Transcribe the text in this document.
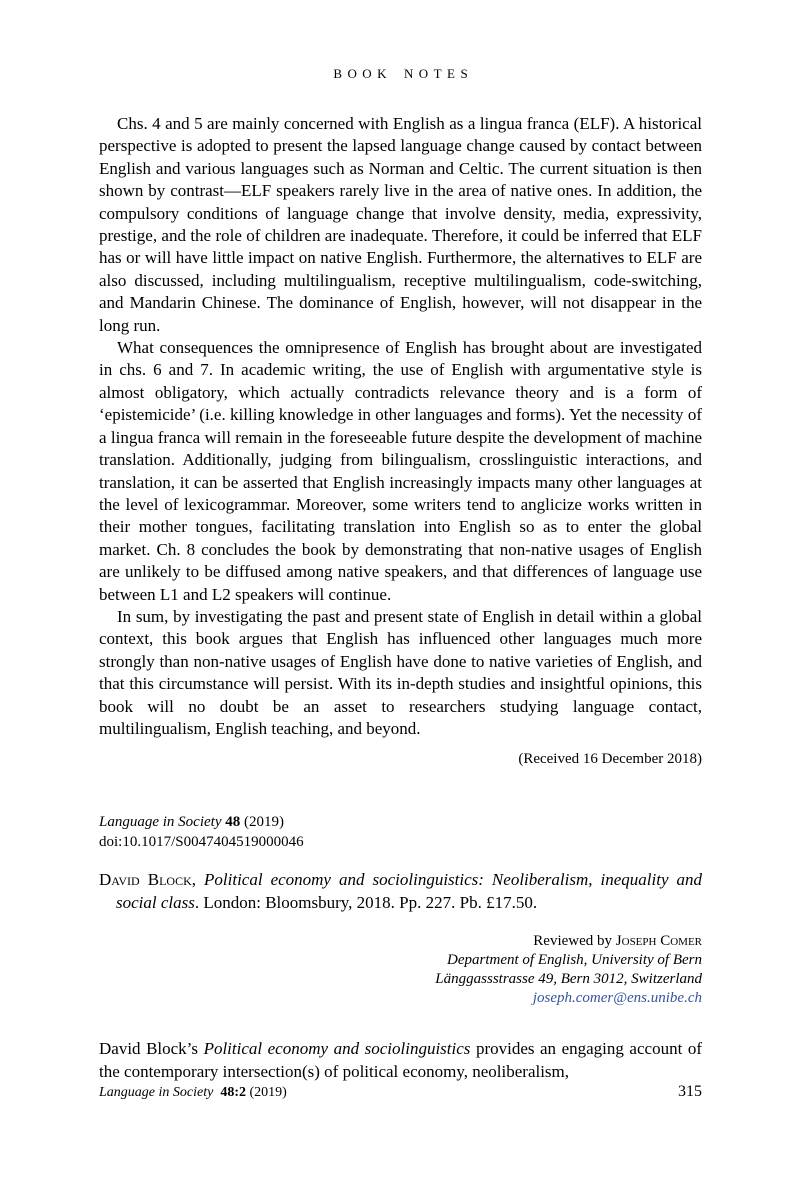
BOOK NOTES

Chs. 4 and 5 are mainly concerned with English as a lingua franca (ELF). A historical perspective is adopted to present the lapsed language change caused by contact between English and various languages such as Norman and Celtic. The current situation is then shown by contrast—ELF speakers rarely live in the area of native ones. In addition, the compulsory conditions of language change that involve density, media, expressivity, prestige, and the role of children are inadequate. Therefore, it could be inferred that ELF has or will have little impact on native English. Furthermore, the alternatives to ELF are also discussed, including multilingualism, receptive multilingualism, code-switching, and Mandarin Chinese. The dominance of English, however, will not disappear in the long run.

What consequences the omnipresence of English has brought about are investigated in chs. 6 and 7. In academic writing, the use of English with argumentative style is almost obligatory, which actually contradicts relevance theory and is a form of ‘epistemicide’ (i.e. killing knowledge in other languages and forms). Yet the necessity of a lingua franca will remain in the foreseeable future despite the development of machine translation. Additionally, judging from bilingualism, crosslinguistic interactions, and translation, it can be asserted that English increasingly impacts many other languages at the level of lexicogrammar. Moreover, some writers tend to anglicize works written in their mother tongues, facilitating translation into English so as to enter the global market. Ch. 8 concludes the book by demonstrating that non-native usages of English are unlikely to be diffused among native speakers, and that differences of language use between L1 and L2 speakers will continue.

In sum, by investigating the past and present state of English in detail within a global context, this book argues that English has influenced other languages much more strongly than non-native usages of English have done to native varieties of English, and that this circumstance will persist. With its in-depth studies and insightful opinions, this book will no doubt be an asset to researchers studying language contact, multilingualism, English teaching, and beyond.

(Received 16 December 2018)
Language in Society 48 (2019)
doi:10.1017/S0047404519000046
David Block, Political economy and sociolinguistics: Neoliberalism, inequality and social class. London: Bloomsbury, 2018. Pp. 227. Pb. £17.50.
Reviewed by Joseph Comer
Department of English, University of Bern
Länggassstrasse 49, Bern 3012, Switzerland
joseph.comer@ens.unibe.ch

David Block’s Political economy and sociolinguistics provides an engaging account of the contemporary intersection(s) of political economy, neoliberalism,

Language in Society 48:2 (2019)	315
